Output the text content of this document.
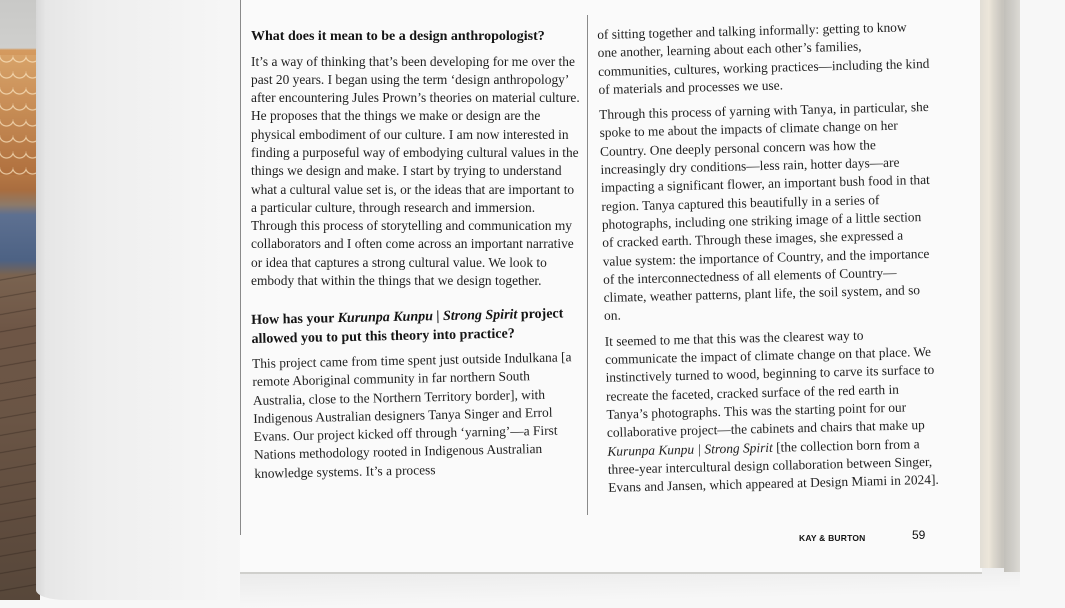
What does it mean to be a design anthropologist?

It’s a way of thinking that’s been developing for me over the past 20 years. I began using the term ‘design anthropology’ after encountering Jules Prown’s theories on material culture. He proposes that the things we make or design are the physical embodiment of our culture. I am now interested in finding a purposeful way of embodying cultural values in the things we design and make. I start by trying to understand what a cultural value set is, or the ideas that are important to a particular culture, through research and immersion. Through this process of storytelling and communication my collaborators and I often come across an important narrative or idea that captures a strong cultural value. We look to embody that within the things that we design together.

How has your Kurunpa Kunpu | Strong Spirit project allowed you to put this theory into practice?

This project came from time spent just outside Indulkana [a remote Aboriginal community in far northern South Australia, close to the Northern Territory border], with Indigenous Australian designers Tanya Singer and Errol Evans. Our project kicked off through ‘yarning’—a First Nations methodology rooted in Indigenous Australian knowledge systems. It’s a process

of sitting together and talking informally: getting to know one another, learning about each other’s families, communities, cultures, working practices—including the kind of materials and processes we use.

Through this process of yarning with Tanya, in particular, she spoke to me about the impacts of climate change on her Country. One deeply personal concern was how the increasingly dry conditions—less rain, hotter days—are impacting a significant flower, an important bush food in that region. Tanya captured this beautifully in a series of photographs, including one striking image of a little section of cracked earth. Through these images, she expressed a value system: the importance of Country, and the importance of the interconnectedness of all elements of Country—climate, weather patterns, plant life, the soil system, and so on.

It seemed to me that this was the clearest way to communicate the impact of climate change on that place. We instinctively turned to wood, beginning to carve its surface to recreate the faceted, cracked surface of the red earth in Tanya’s photographs. This was the starting point for our collaborative project—the cabinets and chairs that make up Kurunpa Kunpu | Strong Spirit [the collection born from a three-year intercultural design collaboration between Singer, Evans and Jansen, which appeared at Design Miami in 2024].

KAY & BURTON	59
